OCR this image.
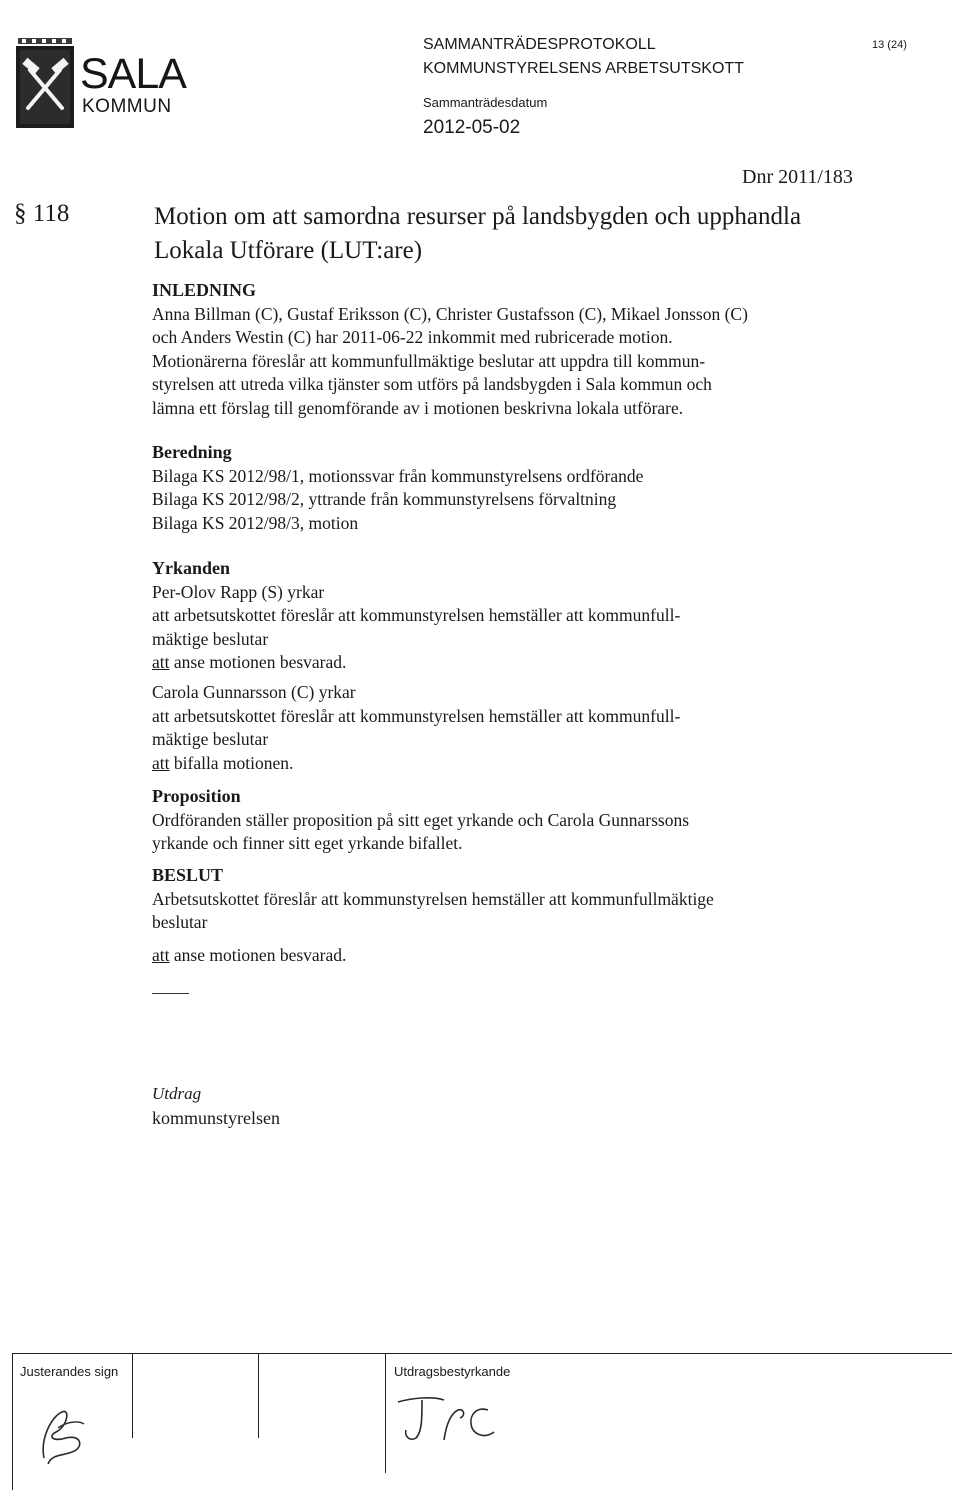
SALA
KOMMUN
SAMMANTRÄDESPROTOKOLL
KOMMUNSTYRELSENS ARBETSUTSKOTT
Sammanträdesdatum
2012-05-02
13 (24)
Dnr 2011/183
§ 118	Motion om att samordna resurser på landsbygden och upphandla
Lokala Utförare (LUT:are)
INLEDNING
Anna Billman (C), Gustaf Eriksson (C), Christer Gustafsson (C), Mikael Jonsson (C)
och Anders Westin (C) har 2011-06-22 inkommit med rubricerade motion.
Motionärerna föreslår att kommunfullmäktige beslutar att uppdra till kommun-
styrelsen att utreda vilka tjänster som utförs på landsbygden i Sala kommun och
lämna ett förslag till genomförande av i motionen beskrivna lokala utförare.
Beredning
Bilaga KS 2012/98/1, motionssvar från kommunstyrelsens ordförande
Bilaga KS 2012/98/2, yttrande från kommunstyrelsens förvaltning
Bilaga KS 2012/98/3, motion
Yrkanden
Per-Olov Rapp (S) yrkar
att arbetsutskottet föreslår att kommunstyrelsen hemställer att kommunfull-
mäktige beslutar
att anse motionen besvarad.
Carola Gunnarsson (C) yrkar
att arbetsutskottet föreslår att kommunstyrelsen hemställer att kommunfull-
mäktige beslutar
att bifalla motionen.
Proposition
Ordföranden ställer proposition på sitt eget yrkande och Carola Gunnarssons
yrkande och finner sitt eget yrkande bifallet.
BESLUT
Arbetsutskottet föreslår att kommunstyrelsen hemställer att kommunfullmäktige
beslutar
att anse motionen besvarad.
Utdrag
kommunstyrelsen
Justerandes sign	Utdragsbestyrkande
